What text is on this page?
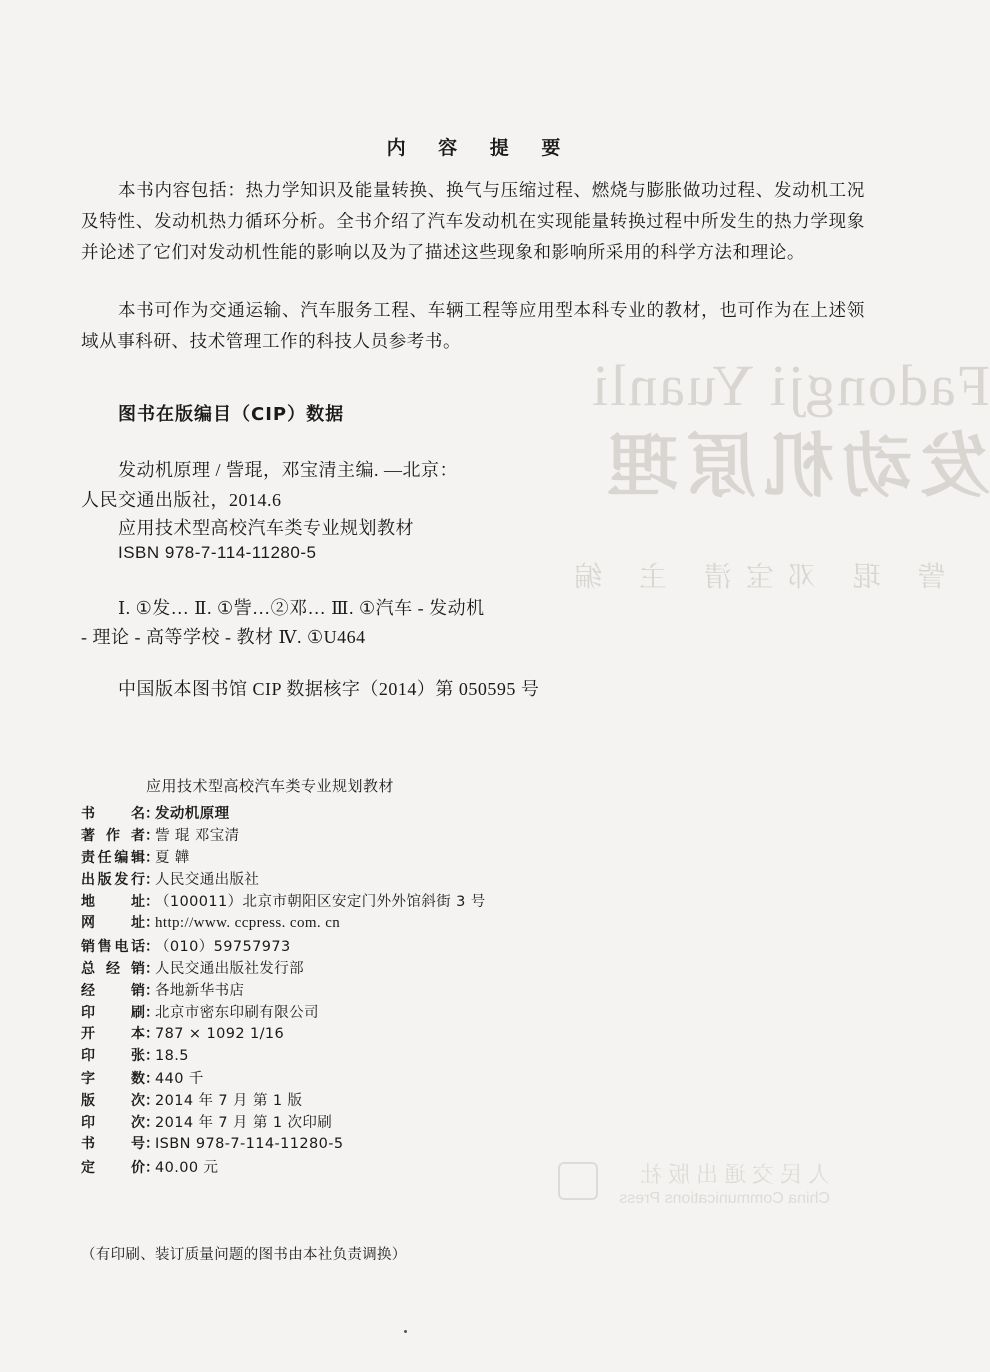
Fadongji Yuanli
发动机原理
訾 琨 邓宝清 主 编
人民交通出版社
China Communications Press
内 容 提 要

本书内容包括：热力学知识及能量转换、换气与压缩过程、燃烧与膨胀做功过程、发动机工况及特性、发动机热力循环分析。全书介绍了汽车发动机在实现能量转换过程中所发生的热力学现象并论述了它们对发动机性能的影响以及为了描述这些现象和影响所采用的科学方法和理论。

本书可作为交通运输、汽车服务工程、车辆工程等应用型本科专业的教材，也可作为在上述领域从事科研、技术管理工作的科技人员参考书。

图书在版编目（CIP）数据
发动机原理 / 訾琨，邓宝清主编. —北京：
人民交通出版社，2014.6
应用技术型高校汽车类专业规划教材
ISBN 978-7-114-11280-5
Ⅰ. ①发… Ⅱ. ①訾…②邓… Ⅲ. ①汽车 - 发动机
- 理论 - 高等学校 - 教材 Ⅳ. ①U464
中国版本图书馆 CIP 数据核字（2014）第 050595 号
应用技术型高校汽车类专业规划教材
书　　名 ：
发动机原理
著 作 者 ：
訾 琨 邓宝清
责任编辑 ：
夏 韡
出版发行 ：
人民交通出版社
地　　址 ：
（100011）北京市朝阳区安定门外外馆斜街 3 号
网　　址 ：
http://www. ccpress. com. cn
销售电话 ：
（010）59757973
总 经 销 ：
人民交通出版社发行部
经　　销 ：
各地新华书店
印　　刷 ：
北京市密东印刷有限公司
开　　本 ：
787 × 1092 1/16
印　　张 ：
18.5
字　　数 ：
440 千
版　　次 ：
2014 年 7 月 第 1 版
印　　次 ：
2014 年 7 月 第 1 次印刷
书　　号 ：
ISBN 978-7-114-11280-5
定　　价 ：
40.00 元
（有印刷、装订质量问题的图书由本社负责调换）
